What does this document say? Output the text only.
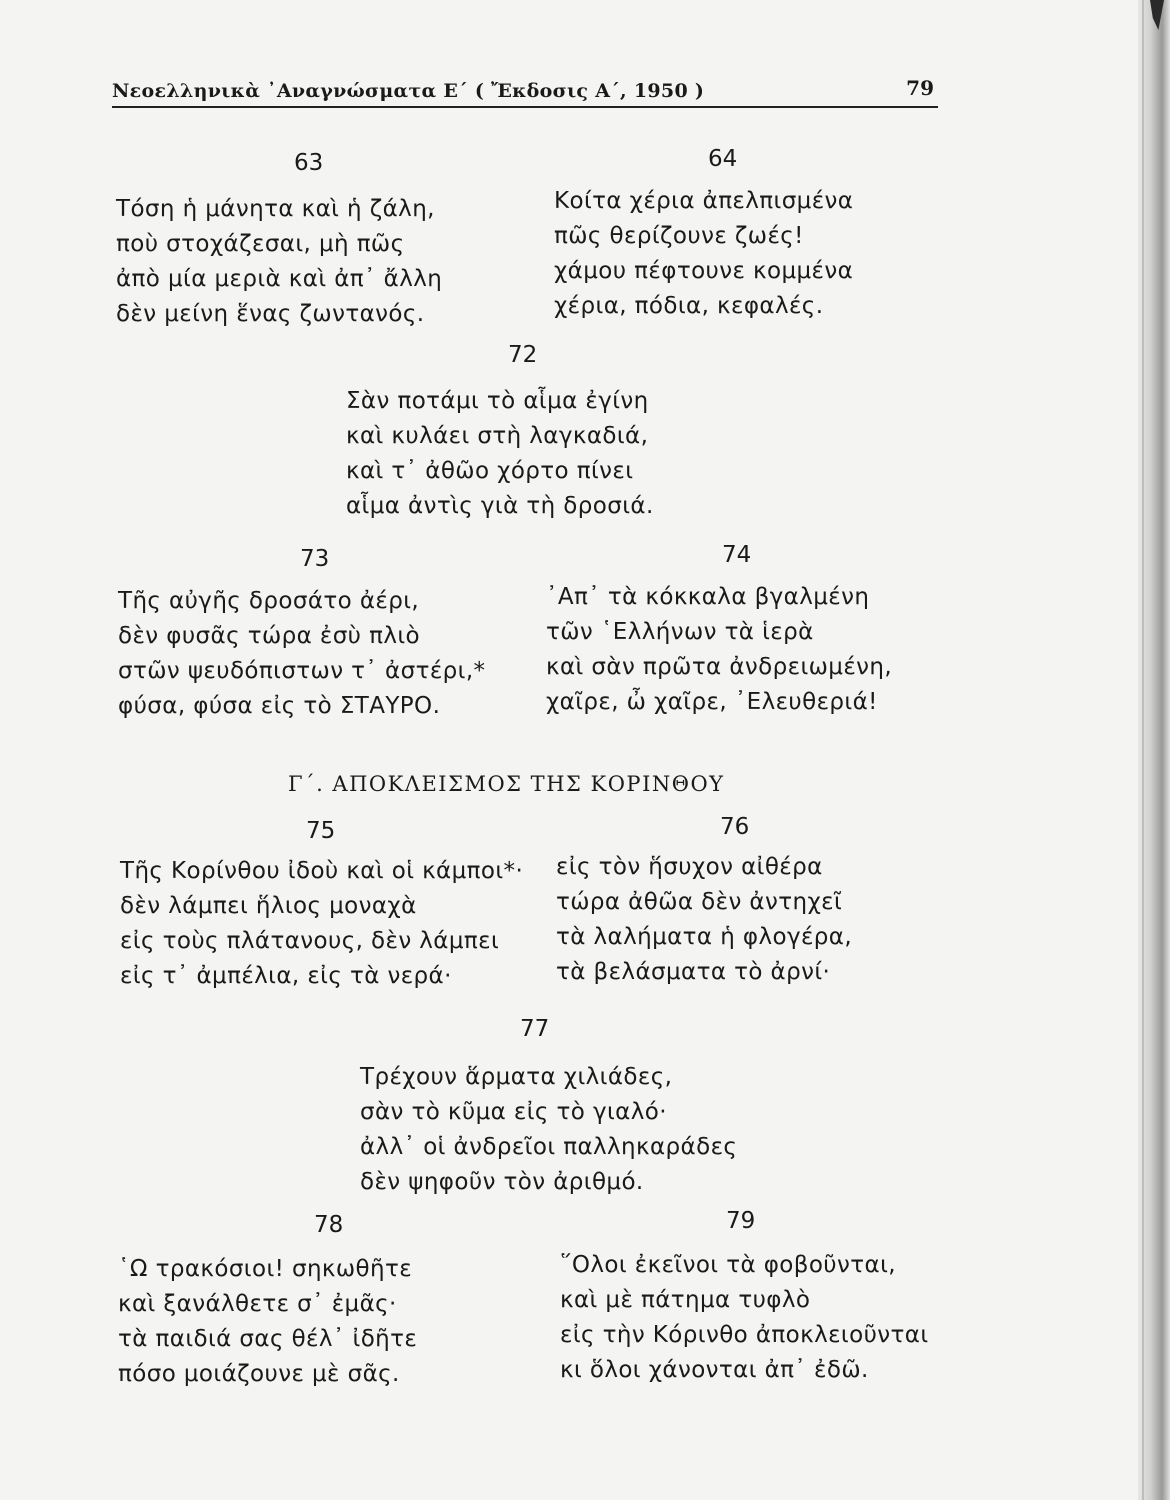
Νεοελληνικὰ ᾿Αναγνώσματα Ε΄ ( Ἔκδοσις Α΄, 1950 )	79
63
Τόση ἡ μάνητα καὶ ἡ ζάλη,
ποὺ στοχάζεσαι, μὴ πῶς
ἀπὸ μία μεριὰ καὶ ἀπ᾿ ἄλλη
δὲν μείνη ἕνας ζωντανός.
64
Κοίτα χέρια ἀπελπισμένα
πῶς θερίζουνε ζωές!
χάμου πέφτουνε κομμένα
χέρια, πόδια, κεφαλές.
72
Σὰν ποτάμι τὸ αἷμα ἐγίνη
καὶ κυλάει στὴ λαγκαδιά,
καὶ τ᾿ ἀθῶο χόρτο πίνει
αἷμα ἀντὶς γιὰ τὴ δροσιά.
73
Τῆς αὐγῆς δροσάτο ἀέρι,
δὲν φυσᾶς τώρα ἐσὺ πλιὸ
στῶν ψευδόπιστων τ᾿ ἀστέρι,*
φύσα, φύσα εἰς τὸ ΣΤΑΥΡΟ.
74
᾿Απ᾿ τὰ κόκκαλα βγαλμένη
τῶν ῾Ελλήνων τὰ ἱερὰ
καὶ σὰν πρῶτα ἀνδρειωμένη,
χαῖρε, ὦ χαῖρε, ᾿Ελευθεριά!
Γ΄. ΑΠΟΚΛΕΙΣΜΟΣ ΤΗΣ ΚΟΡΙΝΘΟΥ
75
Τῆς Κορίνθου ἰδοὺ καὶ οἱ κάμποι*·
δὲν λάμπει ἥλιος μοναχὰ
εἰς τοὺς πλάτανους, δὲν λάμπει
εἰς τ᾿ ἀμπέλια, εἰς τὰ νερά·
76
εἰς τὸν ἥσυχον αἰθέρα
τώρα ἀθῶα δὲν ἀντηχεῖ
τὰ λαλήματα ἡ φλογέρα,
τὰ βελάσματα τὸ ἀρνί·
77
Τρέχουν ἅρματα χιλιάδες,
σὰν τὸ κῦμα εἰς τὸ γιαλό·
ἀλλ᾿ οἱ ἀνδρεῖοι παλληκαράδες
δὲν ψηφοῦν τὸν ἀριθμό.
78
῾Ω τρακόσιοι! σηκωθῆτε
καὶ ξανάλθετε σ᾿ ἐμᾶς·
τὰ παιδιά σας θέλ᾿ ἰδῆτε
πόσο μοιάζουνε μὲ σᾶς.
79
῞Ολοι ἐκεῖνοι τὰ φοβοῦνται,
καὶ μὲ πάτημα τυφλὸ
εἰς τὴν Κόρινθο ἀποκλειοῦνται
κι ὅλοι χάνονται ἀπ᾿ ἐδῶ.
